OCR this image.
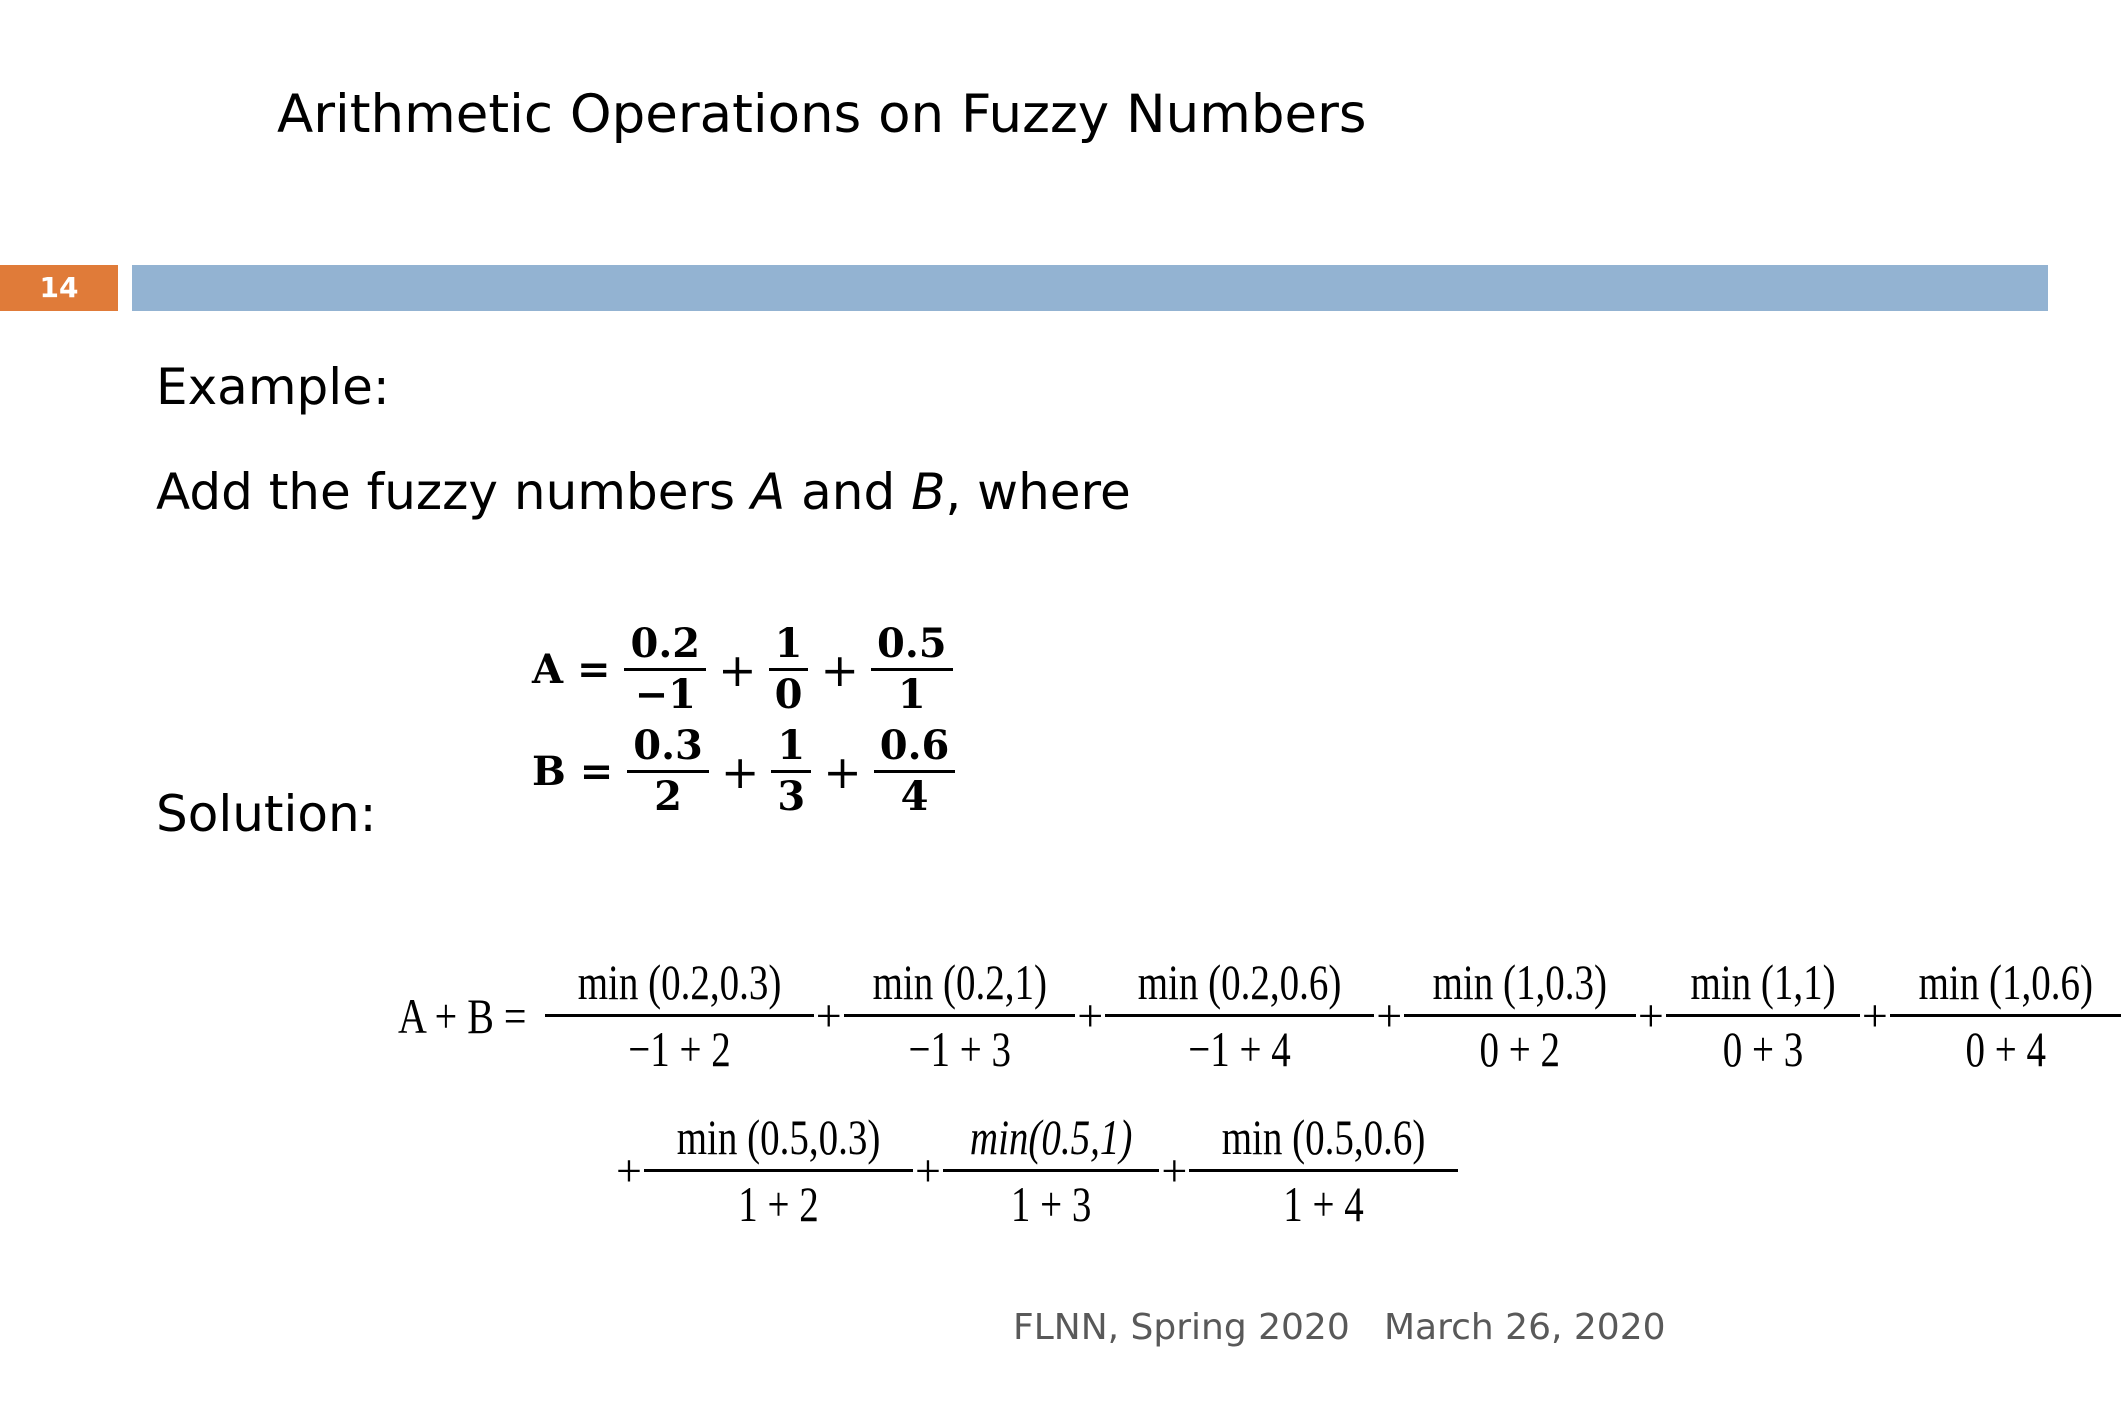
Arithmetic Operations on Fuzzy Numbers
14
Example:
Add the fuzzy numbers A and B, where
Solution:
$A = \frac{0.2}{-1} + \frac{1}{0} + \frac{0.5}{1}$
$B = \frac{0.3}{2} + \frac{1}{3} + \frac{0.6}{4}$
$A + B = \frac{\min (0.2,0.3)}{-1 + 2} + \frac{\min (0.2,1)}{-1 + 3} + \frac{\min (0.2,0.6)}{-1 + 4} + \frac{\min (1,0.3)}{0 + 2} + \frac{\min (1,1)}{0 + 3} + \frac{\min (1,0.6)}{0 + 4}$
+ $\frac{\min (0.5,0.3)}{1 + 2} + \frac{\min(0.5,1)}{1 + 3} + \frac{\min (0.5,0.6)}{1 + 4}$
FLNN, Spring 2020 March 26, 2020
